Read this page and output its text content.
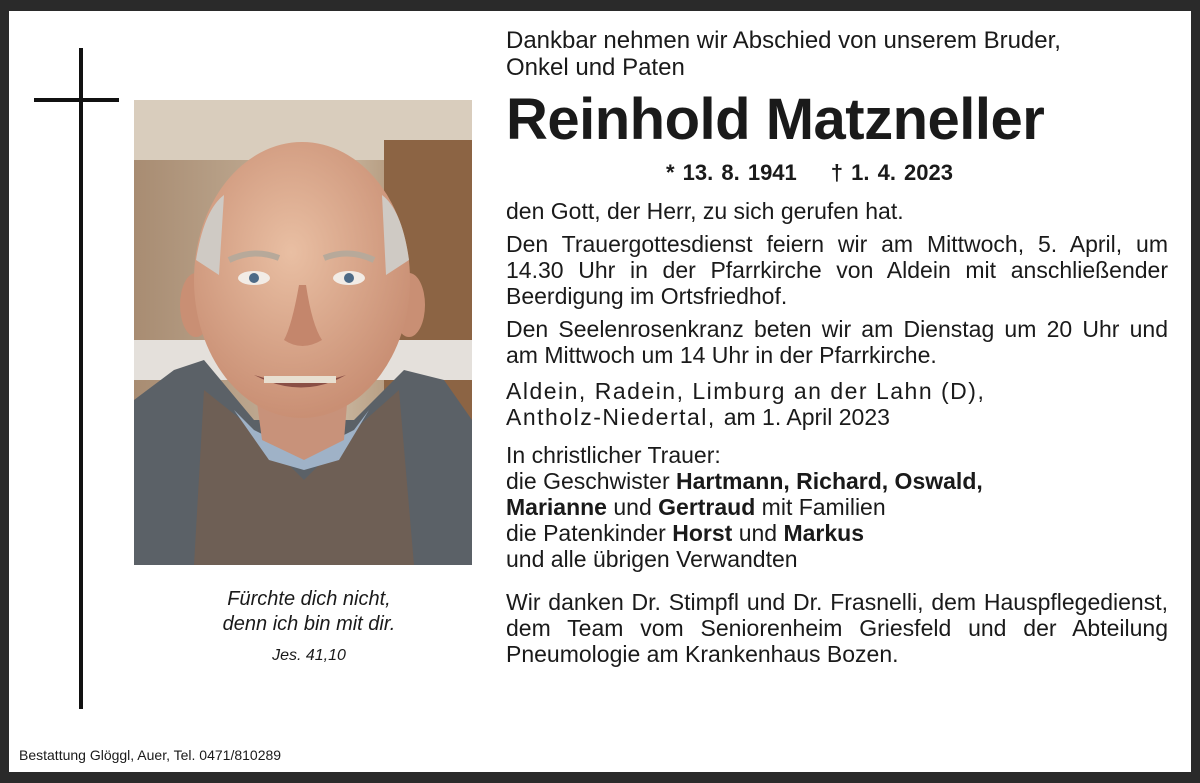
Fürchte dich nicht,
denn ich bin mit dir.
Jes. 41,10
Bestattung Glöggl, Auer, Tel. 0471/810289
Dankbar nehmen wir Abschied von unserem Bruder,
Onkel und Paten
Reinhold Matzneller
* 13. 8. 1941 † 1. 4. 2023

den Gott, der Herr, zu sich gerufen hat.

Den Trauergottesdienst feiern wir am Mittwoch, 5. April, um 14.30 Uhr in der Pfarrkirche von Aldein mit anschließender Beerdigung im Ortsfriedhof.

Den Seelenrosenkranz beten wir am Dienstag um 20 Uhr und am Mittwoch um 14 Uhr in der Pfarrkirche.

Aldein, Radein, Limburg an der Lahn (D),
Antholz-Niedertal, am 1. April 2023
In christlicher Trauer:
die Geschwister Hartmann, Richard, Oswald,
Marianne und Gertraud mit Familien
die Patenkinder Horst und Markus
und alle übrigen Verwandten

Wir danken Dr. Stimpfl und Dr. Frasnelli, dem Hauspflegedienst, dem Team vom Seniorenheim Griesfeld und der Abteilung Pneumologie am Krankenhaus Bozen.
